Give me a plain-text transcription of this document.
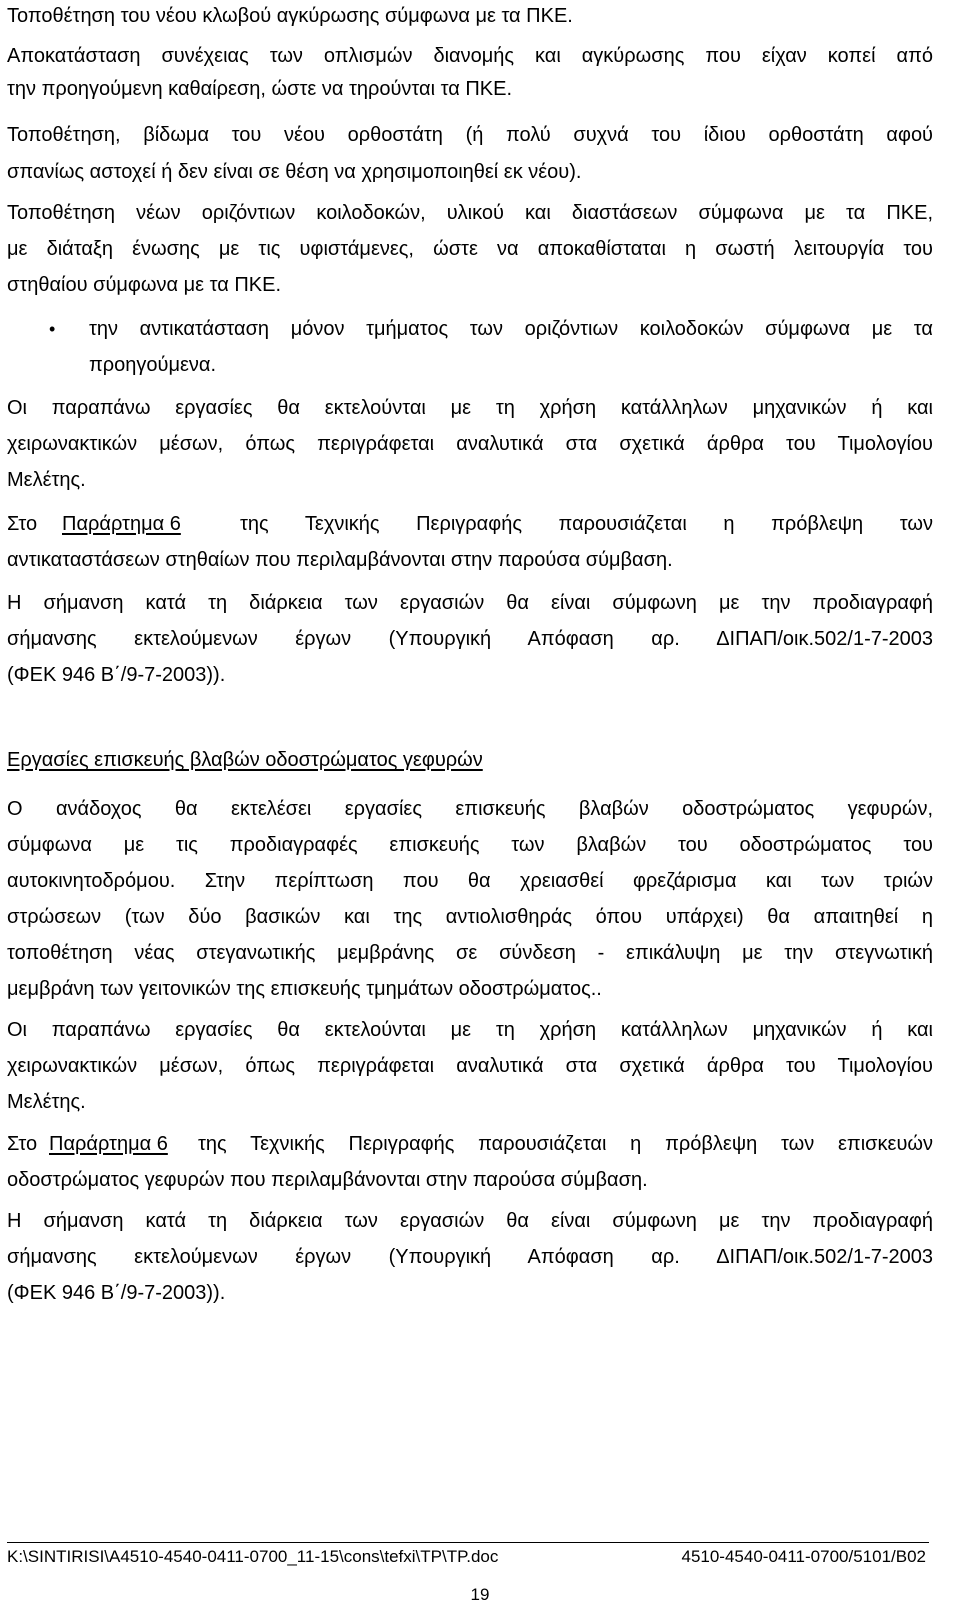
Τοποθέτηση του νέου κλωβού αγκύρωσης σύμφωνα με τα ΠΚΕ.
Αποκατάσταση συνέχειας των οπλισμών διανομής και αγκύρωσης που είχαν κοπεί από
την προηγούμενη καθαίρεση, ώστε να τηρούνται τα ΠΚΕ.
Τοποθέτηση, βίδωμα του νέου ορθοστάτη (ή πολύ συχνά του ίδιου ορθοστάτη αφού
σπανίως αστοχεί ή δεν είναι σε θέση να χρησιμοποιηθεί εκ νέου).
Τοποθέτηση νέων οριζόντιων κοιλοδοκών, υλικού και διαστάσεων σύμφωνα με τα ΠΚΕ,
με διάταξη ένωσης με τις υφιστάμενες, ώστε να αποκαθίσταται η σωστή λειτουργία του
στηθαίου σύμφωνα με τα ΠΚΕ.
• την αντικατάσταση μόνον τμήματος των οριζόντιων κοιλοδοκών σύμφωνα με τα
προηγούμενα.
Οι παραπάνω εργασίες θα εκτελούνται με τη χρήση κατάλληλων μηχανικών ή και
χειρωνακτικών μέσων, όπως περιγράφεται αναλυτικά στα σχετικά άρθρα του Τιμολογίου
Μελέτης.
Στο Παράρτημα 6	της Τεχνικής Περιγραφής παρουσιάζεται η πρόβλεψη των
αντικαταστάσεων στηθαίων που περιλαμβάνονται στην παρούσα σύμβαση.
Η σήμανση κατά τη διάρκεια των εργασιών θα είναι σύμφωνη με την προδιαγραφή
σήμανσης εκτελούμενων έργων (Υπουργική Απόφαση αρ. ΔΙΠΑΠ/οικ.502/1-7-2003
(ΦΕΚ 946 Β΄/9-7-2003)).
Εργασίες επισκευής βλαβών οδοστρώματος γεφυρών
Ο ανάδοχος θα εκτελέσει εργασίες επισκευής βλαβών οδοστρώματος γεφυρών,
σύμφωνα με τις προδιαγραφές επισκευής των βλαβών του οδοστρώματος του
αυτοκινητοδρόμου. Στην περίπτωση που θα χρειασθεί φρεζάρισμα και των τριών
στρώσεων (των δύο βασικών και της αντιολισθηράς όπου υπάρχει) θα απαιτηθεί η
τοποθέτηση νέας στεγανωτικής μεμβράνης σε σύνδεση - επικάλυψη με την στεγνωτική
μεμβράνη των γειτονικών της επισκευής τμημάτων οδοστρώματος..
Οι παραπάνω εργασίες θα εκτελούνται με τη χρήση κατάλληλων μηχανικών ή και
χειρωνακτικών μέσων, όπως περιγράφεται αναλυτικά στα σχετικά άρθρα του Τιμολογίου
Μελέτης.
Στο Παράρτημα 6 της Τεχνικής Περιγραφής παρουσιάζεται η πρόβλεψη των επισκευών
οδοστρώματος γεφυρών που περιλαμβάνονται στην παρούσα σύμβαση.
Η σήμανση κατά τη διάρκεια των εργασιών θα είναι σύμφωνη με την προδιαγραφή
σήμανσης εκτελούμενων έργων (Υπουργική Απόφαση αρ. ΔΙΠΑΠ/οικ.502/1-7-2003
(ΦΕΚ 946 Β΄/9-7-2003)).
K:\SINTIRISI\A4510-4540-0411-0700_11-15\cons\tefxi\TP\TP.doc	4510-4540-0411-0700/5101/B02
19
